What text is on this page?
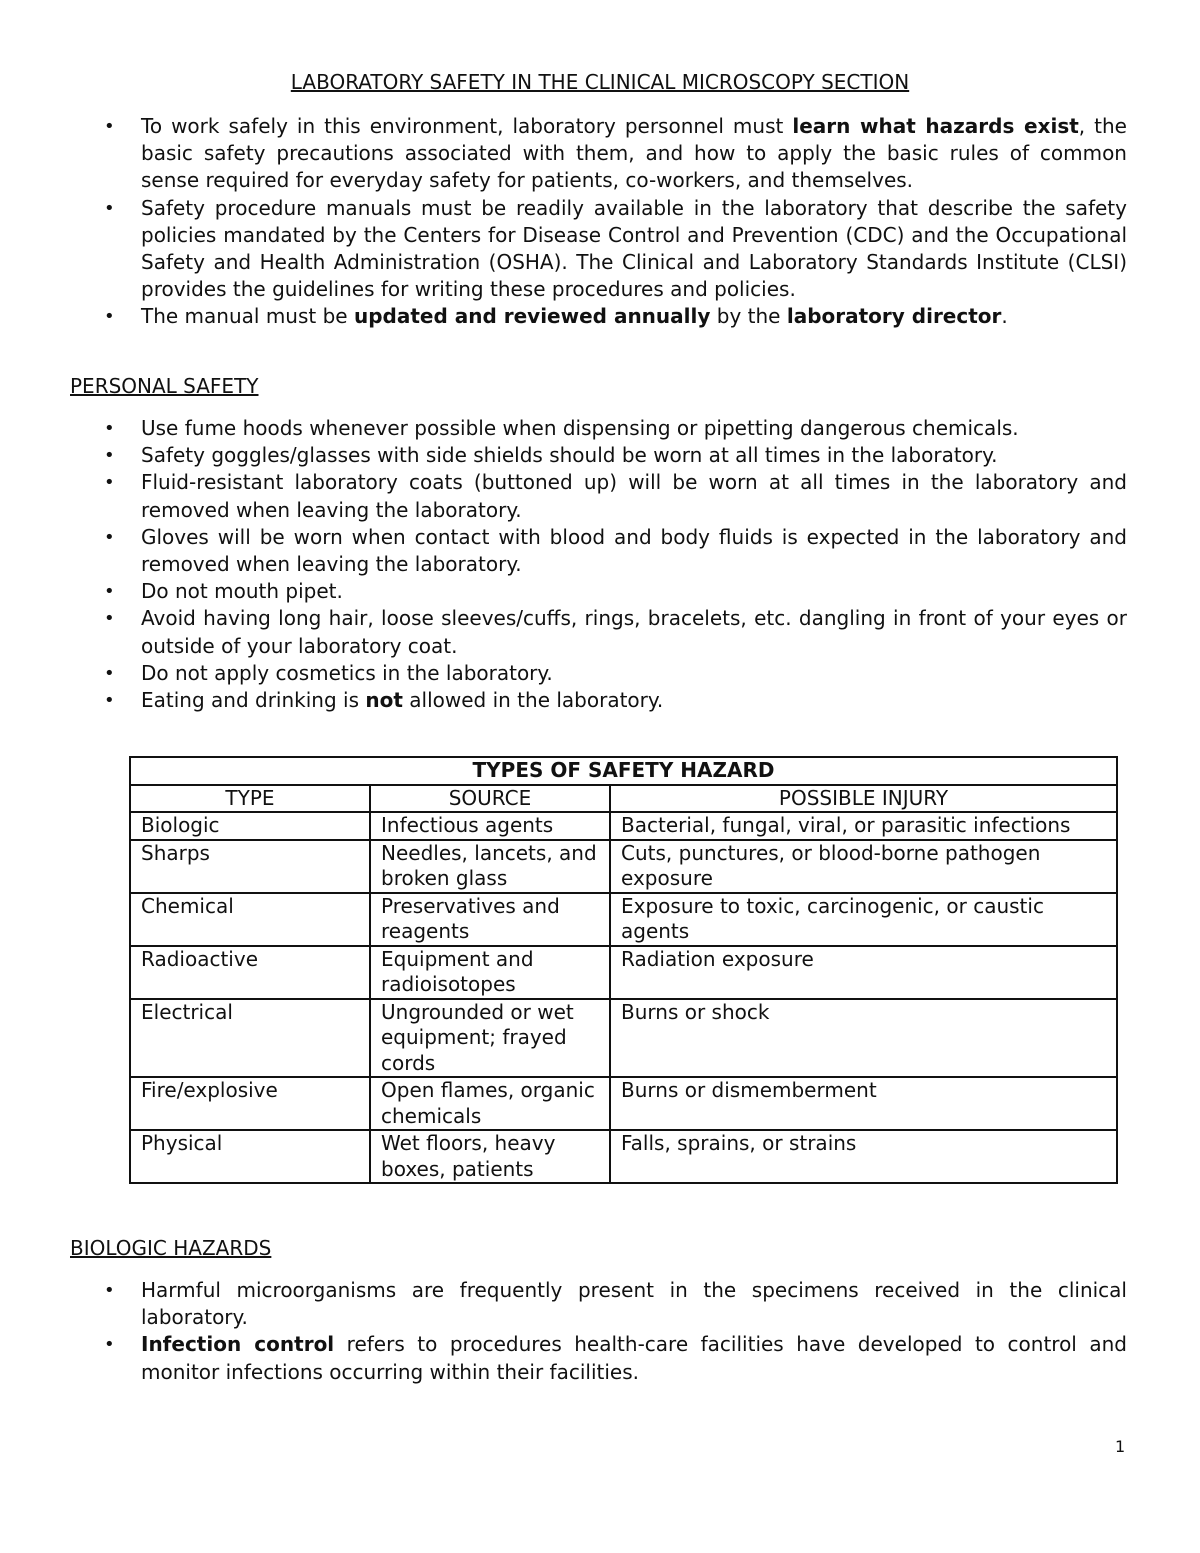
LABORATORY SAFETY IN THE CLINICAL MICROSCOPY SECTION
• To work safely in this environment, laboratory personnel must learn what hazards exist, the basic safety precautions associated with them, and how to apply the basic rules of common sense required for everyday safety for patients, co-workers, and themselves.
• Safety procedure manuals must be readily available in the laboratory that describe the safety policies mandated by the Centers for Disease Control and Prevention (CDC) and the Occupational Safety and Health Administration (OSHA). The Clinical and Laboratory Standards Institute (CLSI) provides the guidelines for writing these procedures and policies.
• The manual must be updated and reviewed annually by the laboratory director.
PERSONAL SAFETY
• Use fume hoods whenever possible when dispensing or pipetting dangerous chemicals.
• Safety goggles/glasses with side shields should be worn at all times in the laboratory.
• Fluid-resistant laboratory coats (buttoned up) will be worn at all times in the laboratory and removed when leaving the laboratory.
• Gloves will be worn when contact with blood and body fluids is expected in the laboratory and removed when leaving the laboratory.
• Do not mouth pipet.
• Avoid having long hair, loose sleeves/cuffs, rings, bracelets, etc. dangling in front of your eyes or outside of your laboratory coat.
• Do not apply cosmetics in the laboratory.
• Eating and drinking is not allowed in the laboratory.
TYPES OF SAFETY HAZARD		
TYPE	SOURCE	POSSIBLE INJURY
Biologic	Infectious agents	Bacterial, fungal, viral, or parasitic infections
Sharps	Needles, lancets, and broken glass	Cuts, punctures, or blood-borne pathogen exposure
Chemical	Preservatives and reagents	Exposure to toxic, carcinogenic, or caustic agents
Radioactive	Equipment and radioisotopes	Radiation exposure
Electrical	Ungrounded or wet equipment; frayed cords	Burns or shock
Fire/explosive	Open flames, organic chemicals	Burns or dismemberment
Physical	Wet floors, heavy boxes, patients	Falls, sprains, or strains
BIOLOGIC HAZARDS
• Harmful microorganisms are frequently present in the specimens received in the clinical laboratory.
• Infection control refers to procedures health-care facilities have developed to control and monitor infections occurring within their facilities.
1
